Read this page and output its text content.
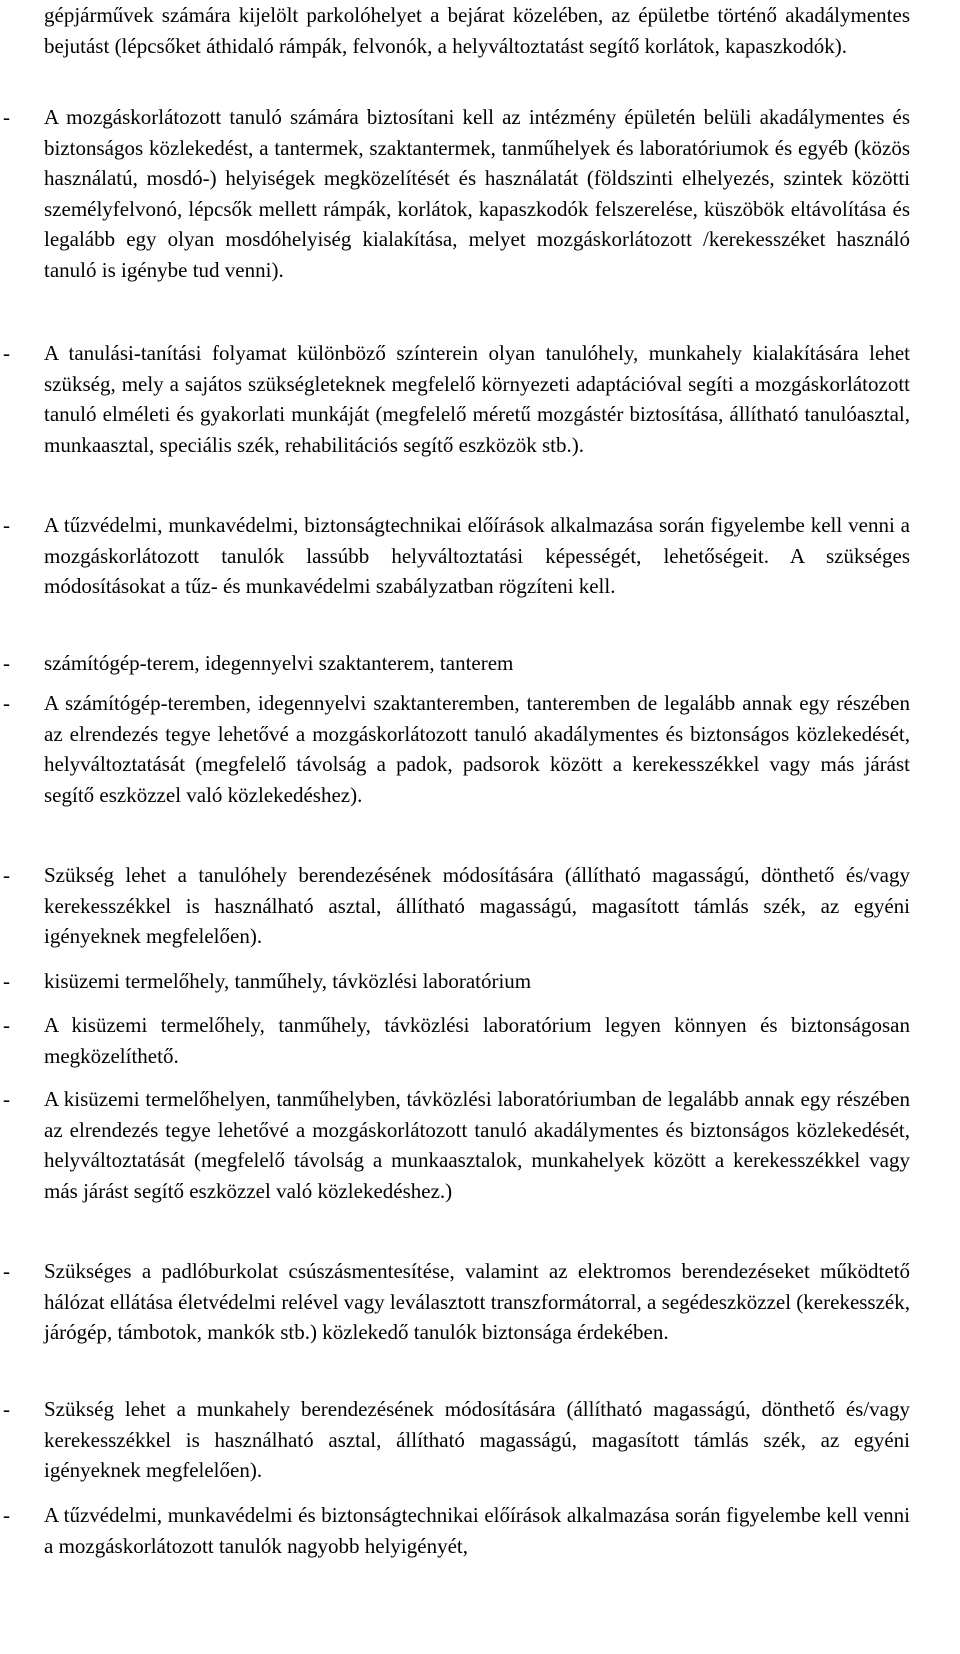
gépjárművek számára kijelölt parkolóhelyet a bejárat közelében, az épületbe történő akadálymentes bejutást (lépcsőket áthidaló rámpák, felvonók, a helyváltoztatást segítő korlátok, kapaszkodók).

- A mozgáskorlátozott tanuló számára biztosítani kell az intézmény épületén belüli akadálymentes és biztonságos közlekedést, a tantermek, szaktantermek, tanműhelyek és laboratóriumok és egyéb (közös használatú, mosdó-) helyiségek megközelítését és használatát (földszinti elhelyezés, szintek közötti személyfelvonó, lépcsők mellett rámpák, korlátok, kapaszkodók felszerelése, küszöbök eltávolítása és legalább egy olyan mosdóhelyiség kialakítása, melyet mozgáskorlátozott /kerekesszéket használó tanuló is igénybe tud venni).

- A tanulási-tanítási folyamat különböző színterein olyan tanulóhely, munkahely kialakítására lehet szükség, mely a sajátos szükségleteknek megfelelő környezeti adaptációval segíti a mozgáskorlátozott tanuló elméleti és gyakorlati munkáját (megfelelő méretű mozgástér biztosítása, állítható tanulóasztal, munkaasztal, speciális szék, rehabilitációs segítő eszközök stb.).

- A tűzvédelmi, munkavédelmi, biztonságtechnikai előírások alkalmazása során figyelembe kell venni a mozgáskorlátozott tanulók lassúbb helyváltoztatási képességét, lehetőségeit. A szükséges módosításokat a tűz- és munkavédelmi szabályzatban rögzíteni kell.

- számítógép-terem, idegennyelvi szaktanterem, tanterem

- A számítógép-teremben, idegennyelvi szaktanteremben, tanteremben de legalább annak egy részében az elrendezés tegye lehetővé a mozgáskorlátozott tanuló akadálymentes és biztonságos közlekedését, helyváltoztatását (megfelelő távolság a padok, padsorok között a kerekesszékkel vagy más járást segítő eszközzel való közlekedéshez).

- Szükség lehet a tanulóhely berendezésének módosítására (állítható magasságú, dönthető és/vagy kerekesszékkel is használható asztal, állítható magasságú, magasított támlás szék, az egyéni igényeknek megfelelően).

- kisüzemi termelőhely, tanműhely, távközlési laboratórium

- A kisüzemi termelőhely, tanműhely, távközlési laboratórium legyen könnyen és biztonságosan megközelíthető.

- A kisüzemi termelőhelyen, tanműhelyben, távközlési laboratóriumban de legalább annak egy részében az elrendezés tegye lehetővé a mozgáskorlátozott tanuló akadálymentes és biztonságos közlekedését, helyváltoztatását (megfelelő távolság a munkaasztalok, munkahelyek között a kerekesszékkel vagy más járást segítő eszközzel való közlekedéshez.)

- Szükséges a padlóburkolat csúszásmentesítése, valamint az elektromos berendezéseket működtető hálózat ellátása életvédelmi relével vagy leválasztott transzformátorral, a segédeszközzel (kerekesszék, járógép, támbotok, mankók stb.) közlekedő tanulók biztonsága érdekében.

- Szükség lehet a munkahely berendezésének módosítására (állítható magasságú, dönthető és/vagy kerekesszékkel is használható asztal, állítható magasságú, magasított támlás szék, az egyéni igényeknek megfelelően).

- A tűzvédelmi, munkavédelmi és biztonságtechnikai előírások alkalmazása során figyelembe kell venni a mozgáskorlátozott tanulók nagyobb helyigényét,
